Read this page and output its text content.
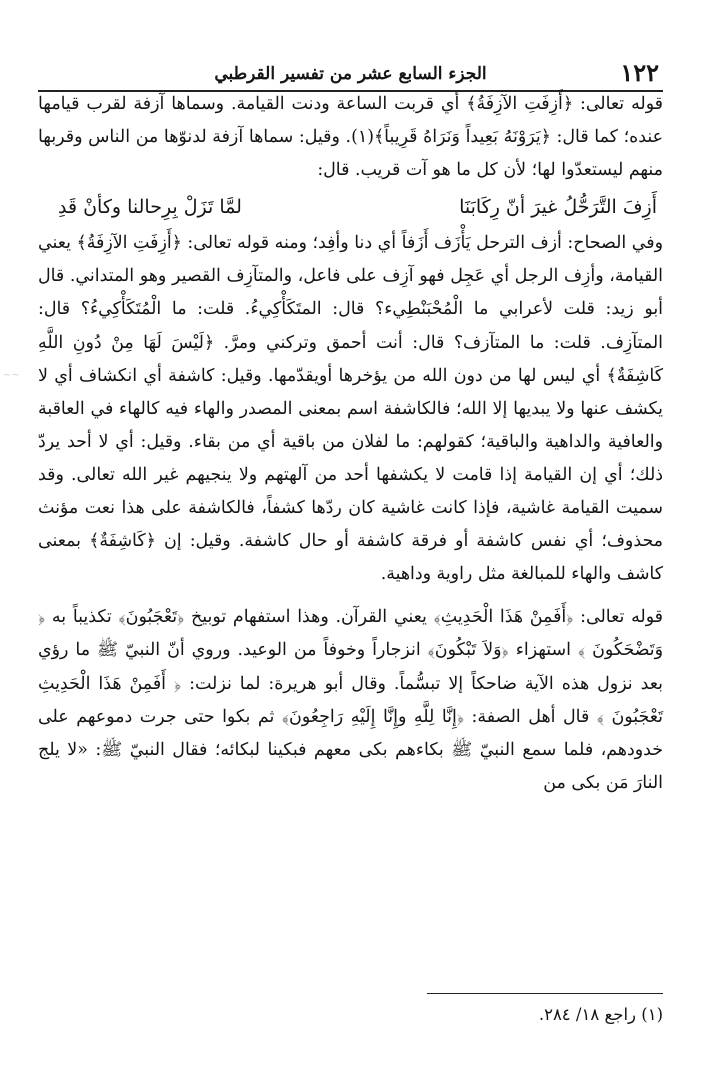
١٢٢
الجزء السابع عشر من تفسير القرطبي
~~

قوله تعالى: ﴿أَزِفَتِ الآزِفَةُ﴾ أي قربت الساعة ودنت القيامة. وسماها آزفة لقرب قيامها عنده؛ كما قال: ﴿يَرَوْنَهُ بَعِيداً وَنَرَاهُ قَرِيباً﴾(١). وقيل: سماها آزفة لدنوّها من الناس وقربها منهم ليستعدّوا لها؛ لأن كل ما هو آت قريب. قال:

أَزِفَ التَّرَحُّلُ غيرَ أنّ رِكَابَنَا
لمَّا تَزَلْ بِرِحالنا وكأنْ قَدِ

وفي الصحاح: أزف الترحل يَأْزَف أَزَفاً أي دنا وأفِد؛ ومنه قوله تعالى: ﴿أَزِفَتِ الآزِفَةُ﴾ يعني القيامة، وأزِف الرجل أي عَجِل فهو آزِف على فاعل، والمتآزِف القصير وهو المتداني. قال أبو زيد: قلت لأعرابي ما الْمُحْبَنْطِيء؟ قال: المتَكَأْكِيءُ. قلت: ما الْمُتَكَأْكِيءُ؟ قال: المتآزِف. قلت: ما المتآزف؟ قال: أنت أحمق وتركني ومرَّ. ﴿لَيْسَ لَهَا مِنْ دُونِ اللَّهِ كَاشِفَةٌ﴾ أي ليس لها من دون الله من يؤخرها أويقدّمها. وقيل: كاشفة أي انكشاف أي لا يكشف عنها ولا يبديها إلا الله؛ فالكاشفة اسم بمعنى المصدر والهاء فيه كالهاء في العاقبة والعافية والداهية والباقية؛ كقولهم: ما لفلان من باقية أي من بقاء. وقيل: أي لا أحد يردّ ذلك؛ أي إن القيامة إذا قامت لا يكشفها أحد من آلهتهم ولا ينجيهم غير الله تعالى. وقد سميت القيامة غاشية، فإذا كانت غاشية كان ردّها كشفاً، فالكاشفة على هذا نعت مؤنث محذوف؛ أي نفس كاشفة أو فرقة كاشفة أو حال كاشفة. وقيل: إن ﴿كَاشِفَةٌ﴾ بمعنى كاشف والهاء للمبالغة مثل راوية وداهية.

قوله تعالى: ﴿أَفَمِنْ هَذَا الْحَدِيثِ﴾ يعني القرآن. وهذا استفهام توبيخ ﴿تَعْجَبُونَ﴾ تكذيباً به ﴿ وَتَضْحَكُونَ ﴾ استهزاء ﴿وَلاَ تَبْكُونَ﴾ انزجاراً وخوفاً من الوعيد. وروي أنّ النبيّ ﷺ ما رؤي بعد نزول هذه الآية ضاحكاً إلا تبسُّماً. وقال أبو هريرة: لما نزلت: ﴿ أَفَمِنْ هَذَا الْحَدِيثِ تَعْجَبُونَ ﴾ قال أهل الصفة: ﴿إِنَّا لِلَّهِ وإِنَّا إِلَيْهِ رَاجِعُونَ﴾ ثم بكوا حتى جرت دموعهم على خدودهم، فلما سمع النبيّ ﷺ بكاءهم بكى معهم فبكينا لبكائه؛ فقال النبيّ ﷺ: «لا يلج النارَ مَن بكى من

(١) راجع ١٨/ ٢٨٤.
